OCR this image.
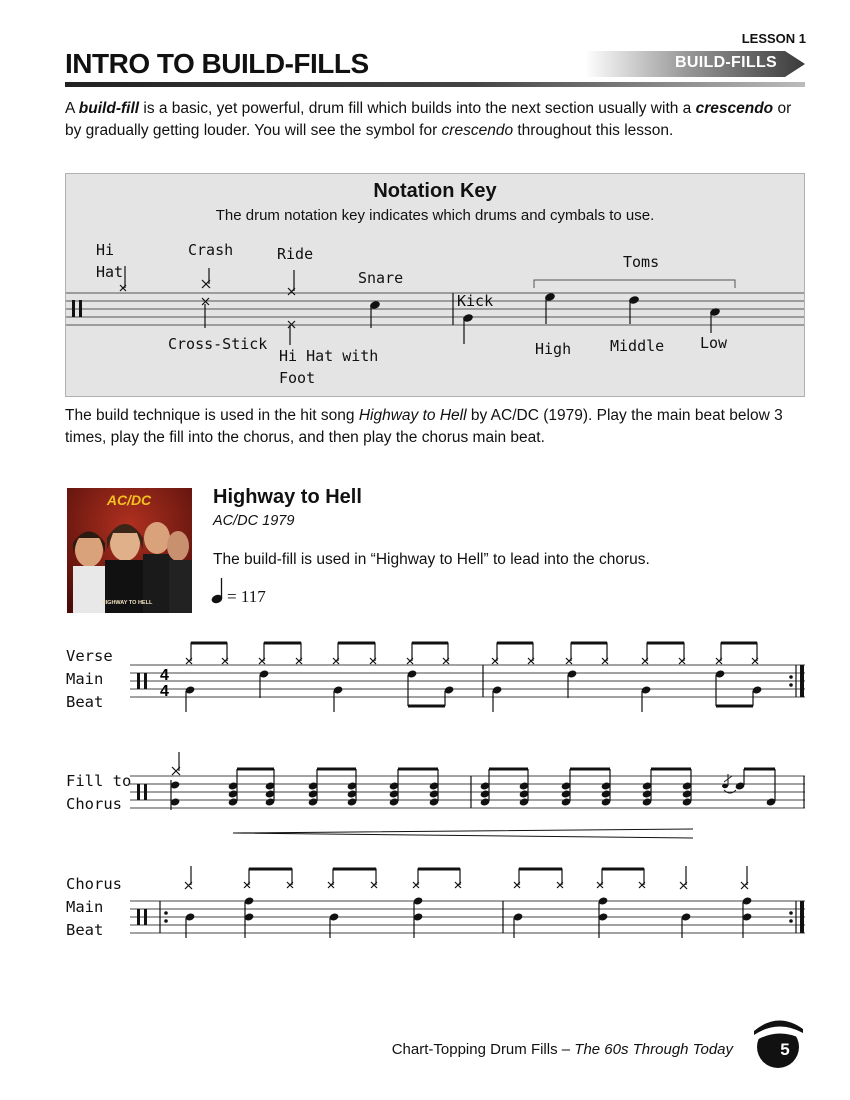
LESSON 1
BUILD-FILLS
INTRO TO BUILD-FILLS
A build-fill is a basic, yet powerful, drum fill which builds into the next section usually with a crescendo or by gradually getting louder. You will see the symbol for crescendo throughout this lesson.
Notation Key
The drum notation key indicates which drums and cymbals to use.
Hi
Hat
Crash	Ride
Snare
Toms
Kick
Cross-Stick
Hi Hat with
Foot
High	Middle Low
The build technique is used in the hit song Highway to Hell by AC/DC (1979). Play the main beat below 3 times, play the fill into the chorus, and then play the chorus main beat.
AC/DC
HIGHWAY TO HELL
Highway to Hell
AC/DC 1979
The build-fill is used in “Highway to Hell” to lead into the chorus.
= 117
Verse
Main
Beat
Fill to
Chorus
Chorus
Main
Beat
4
4
Chart-Topping Drum Fills – The 60s Through Today	5
